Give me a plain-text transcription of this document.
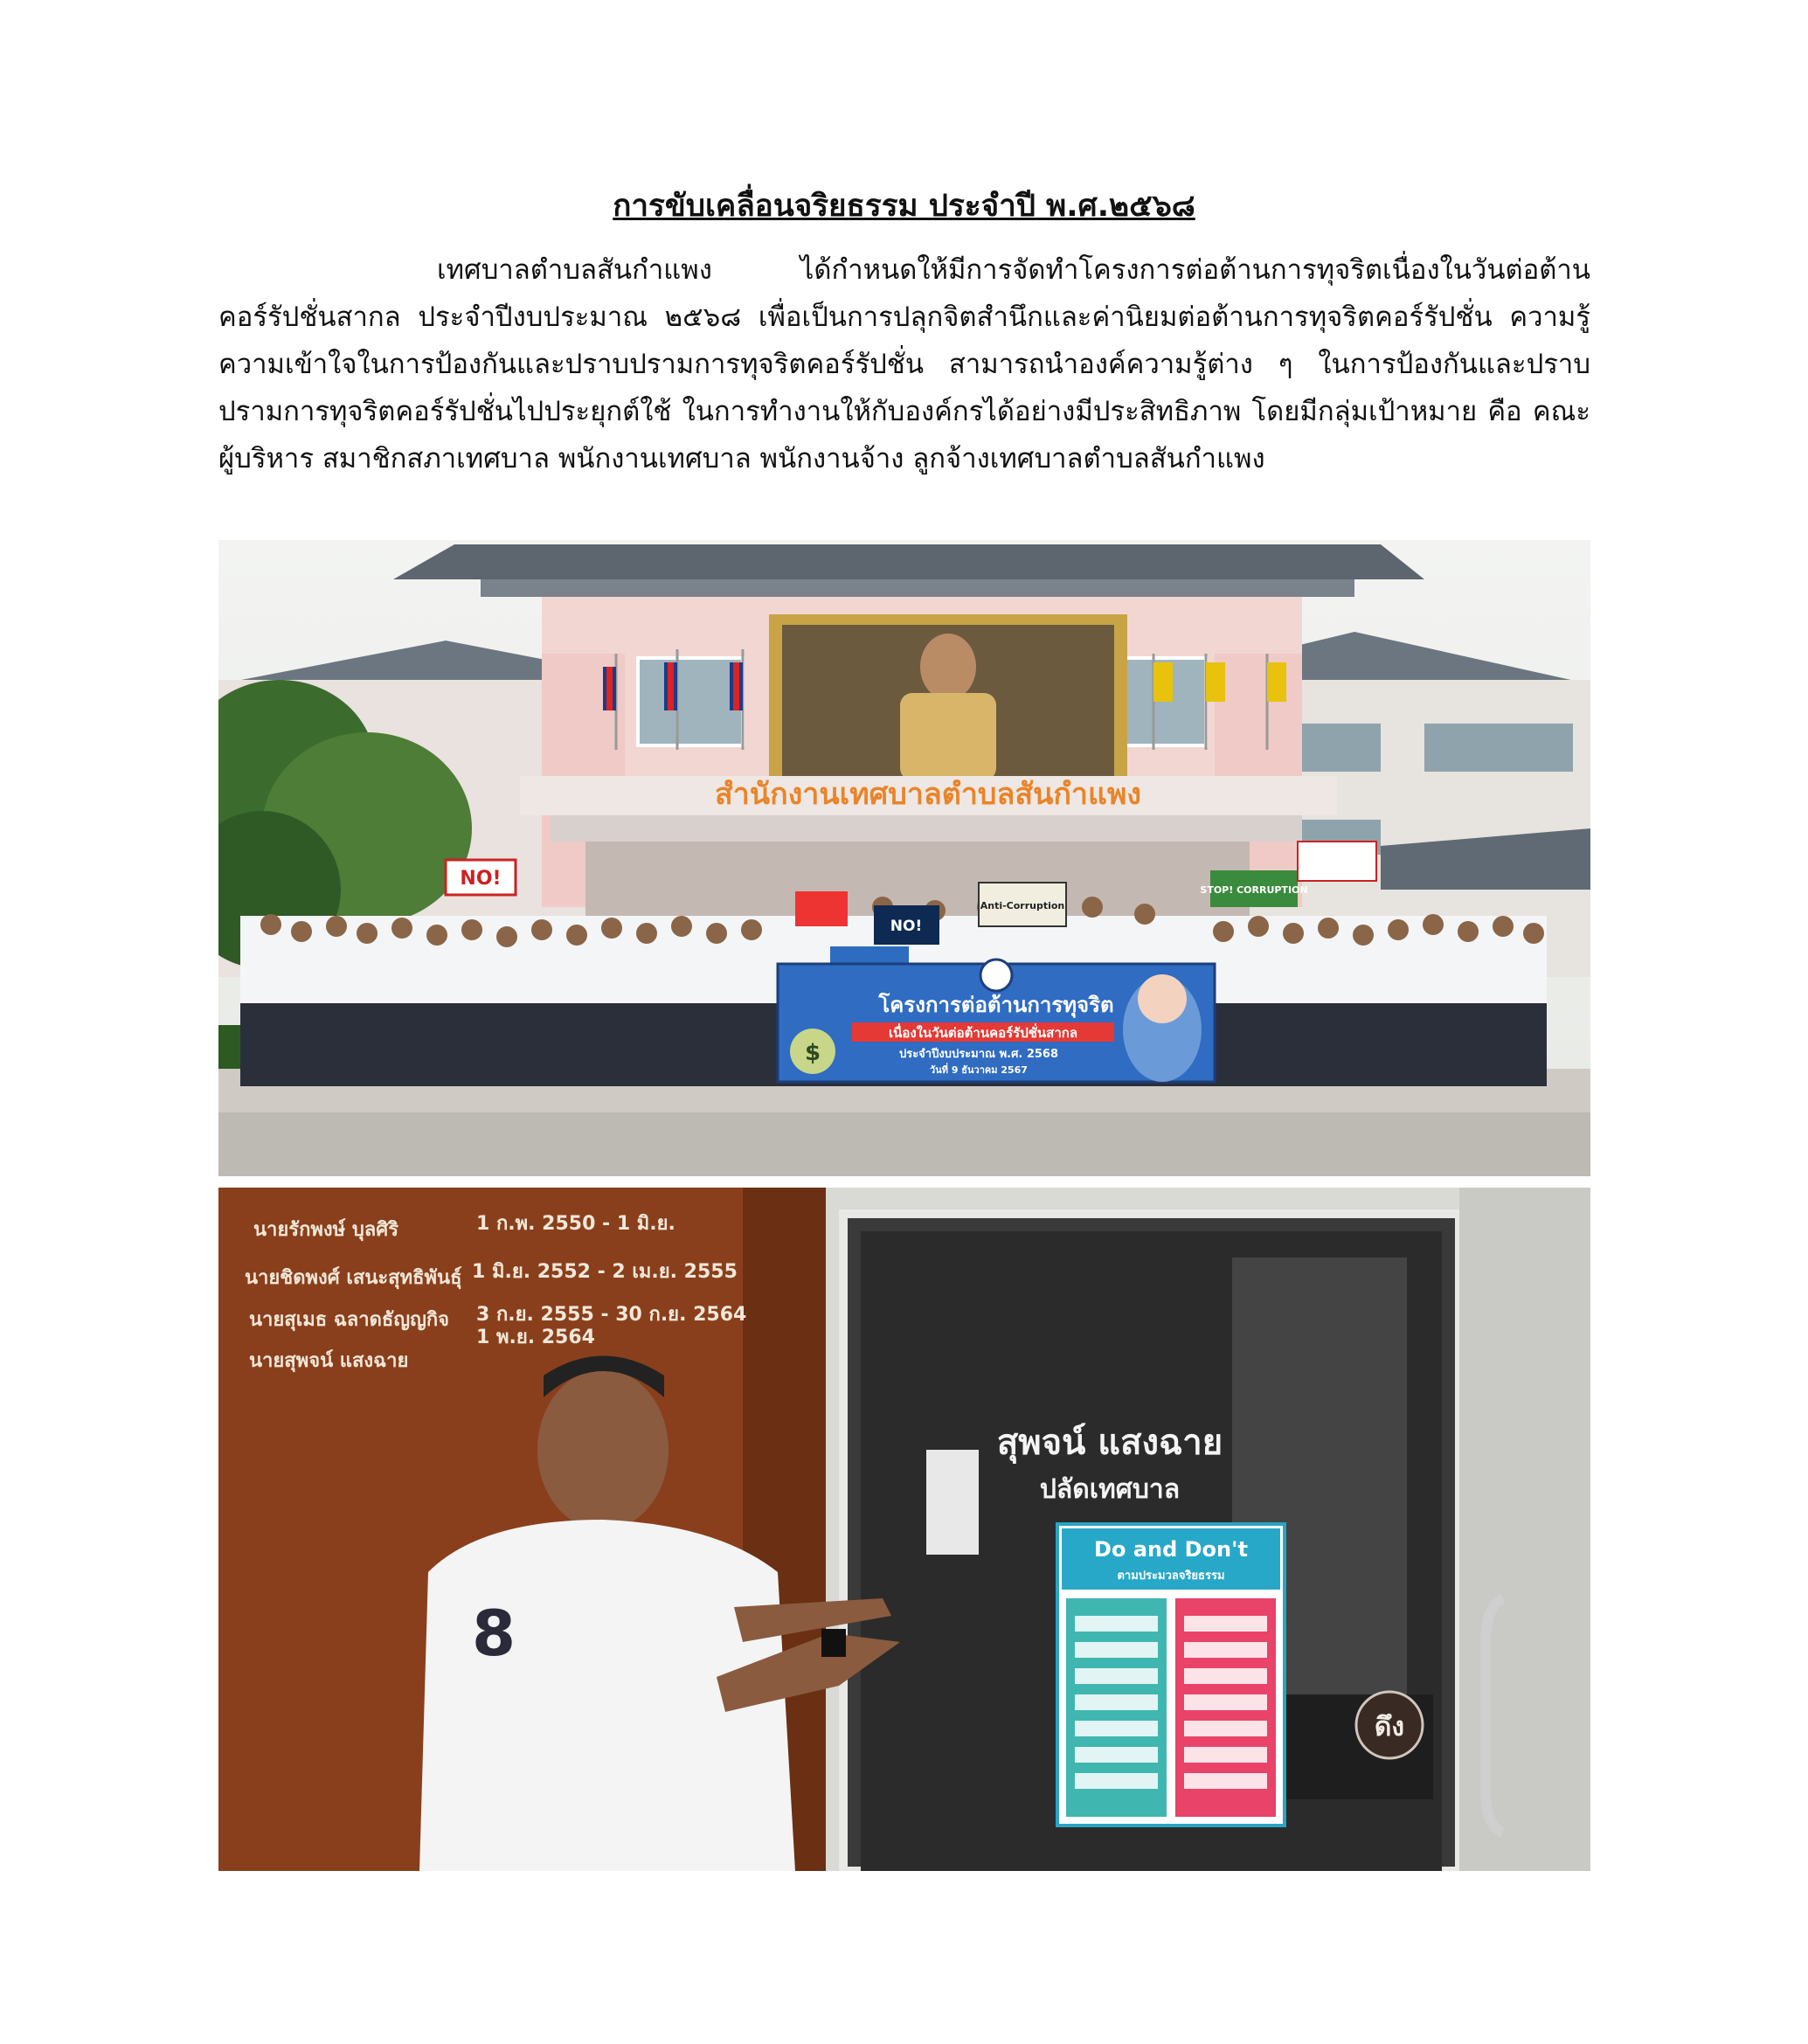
การขับเคลื่อนจริยธรรม ประจำปี พ.ศ.๒๕๖๘

เทศบาลตำบลสันกำแพง ได้กำหนดให้มีการจัดทำโครงการต่อต้านการทุจริตเนื่องในวันต่อต้านคอร์รัปชั่นสากล ประจำปีงบประมาณ ๒๕๖๘ เพื่อเป็นการปลุกจิตสำนึกและค่านิยมต่อต้านการทุจริตคอร์รัปชั่น ความรู้ความเข้าใจในการป้องกันและปราบปรามการทุจริตคอร์รัปชั่น สามารถนำองค์ความรู้ต่าง ๆ ในการป้องกันและปราบปรามการทุจริตคอร์รัปชั่นไปประยุกต์ใช้ ในการทำงานให้กับองค์กรได้อย่างมีประสิทธิภาพ โดยมีกลุ่มเป้าหมาย คือ คณะผู้บริหาร สมาชิกสภาเทศบาล พนักงานเทศบาล พนักงานจ้าง ลูกจ้างเทศบาลตำบลสันกำแพง

สำนักงานเทศบาลตำบลสันกำแพง
NO!
NO!
Anti-Corruption
STOP! CORRUPTION
โครงการต่อต้านการทุจริต
เนื่องในวันต่อต้านคอร์รัปชั่นสากล
ประจำปีงบประมาณ พ.ศ. 2568
วันที่ 9 ธันวาคม 2567
$
นายรักพงษ์ บุลศิริ	1 ก.พ. 2550 - 1 มิ.ย.
นายชิดพงศ์ เสนะสุทธิพันธุ์ 1 มิ.ย. 2552 - 2 เม.ย. 2555
นายสุเมธ ฉลาดธัญญกิจ 3 ก.ย. 2555 - 30 ก.ย. 2564
นายสุพจน์ แสงฉาย
1 พ.ย. 2564
สุพจน์ แสงฉาย
ปลัดเทศบาล
Do and Don't
ตามประมวลจริยธรรม
ดึง
8
